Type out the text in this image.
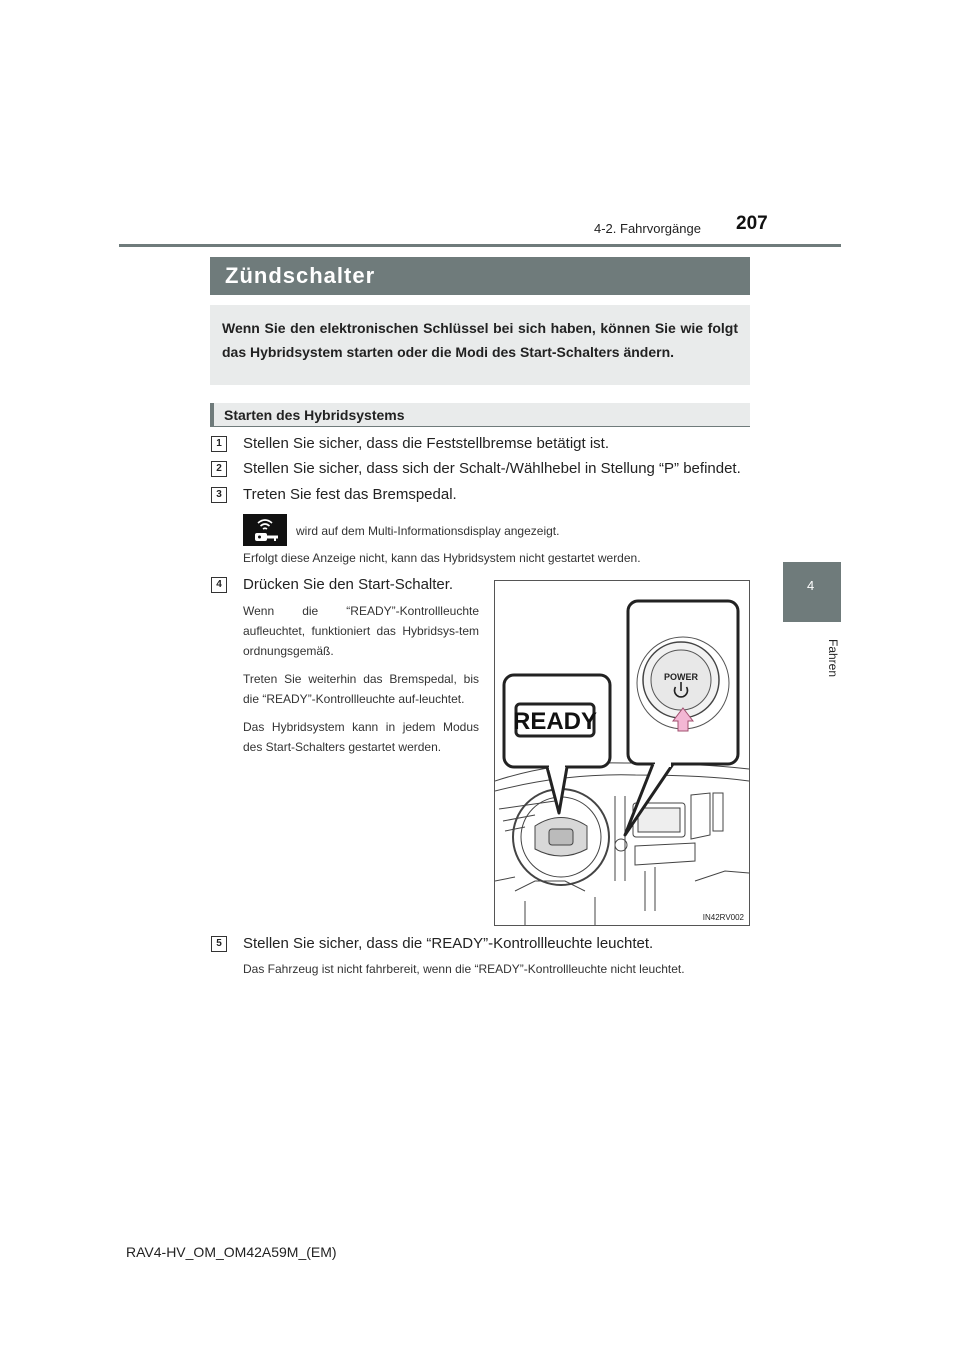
4-2. Fahrvorgänge 207
4
Fahren
Zündschalter
Wenn Sie den elektronischen Schlüssel bei sich haben, können Sie wie folgt das Hybridsystem starten oder die Modi des Start-Schalters ändern.
Starten des Hybridsystems
1	Stellen Sie sicher, dass die Feststellbremse betätigt ist.
2	Stellen Sie sicher, dass sich der Schalt-/Wählhebel in Stellung “P” befindet.
3	Treten Sie fest das Bremspedal.
wird auf dem Multi-Informationsdisplay angezeigt.
Erfolgt diese Anzeige nicht, kann das Hybridsystem nicht gestartet werden.
4	Drücken Sie den Start-Schalter.

Wenn die “READY”-Kontrollleuchte aufleuchtet, funktioniert das Hybridsys-tem ordnungsgemäß.

Treten Sie weiterhin das Bremspedal, bis die “READY”-Kontrollleuchte auf-leuchtet.

Das Hybridsystem kann in jedem Modus des Start-Schalters gestartet werden.

READY
POWER
IN42RV002
5	Stellen Sie sicher, dass die “READY”-Kontrollleuchte leuchtet.
Das Fahrzeug ist nicht fahrbereit, wenn die “READY”-Kontrollleuchte nicht leuchtet.
RAV4-HV_OM_OM42A59M_(EM)
